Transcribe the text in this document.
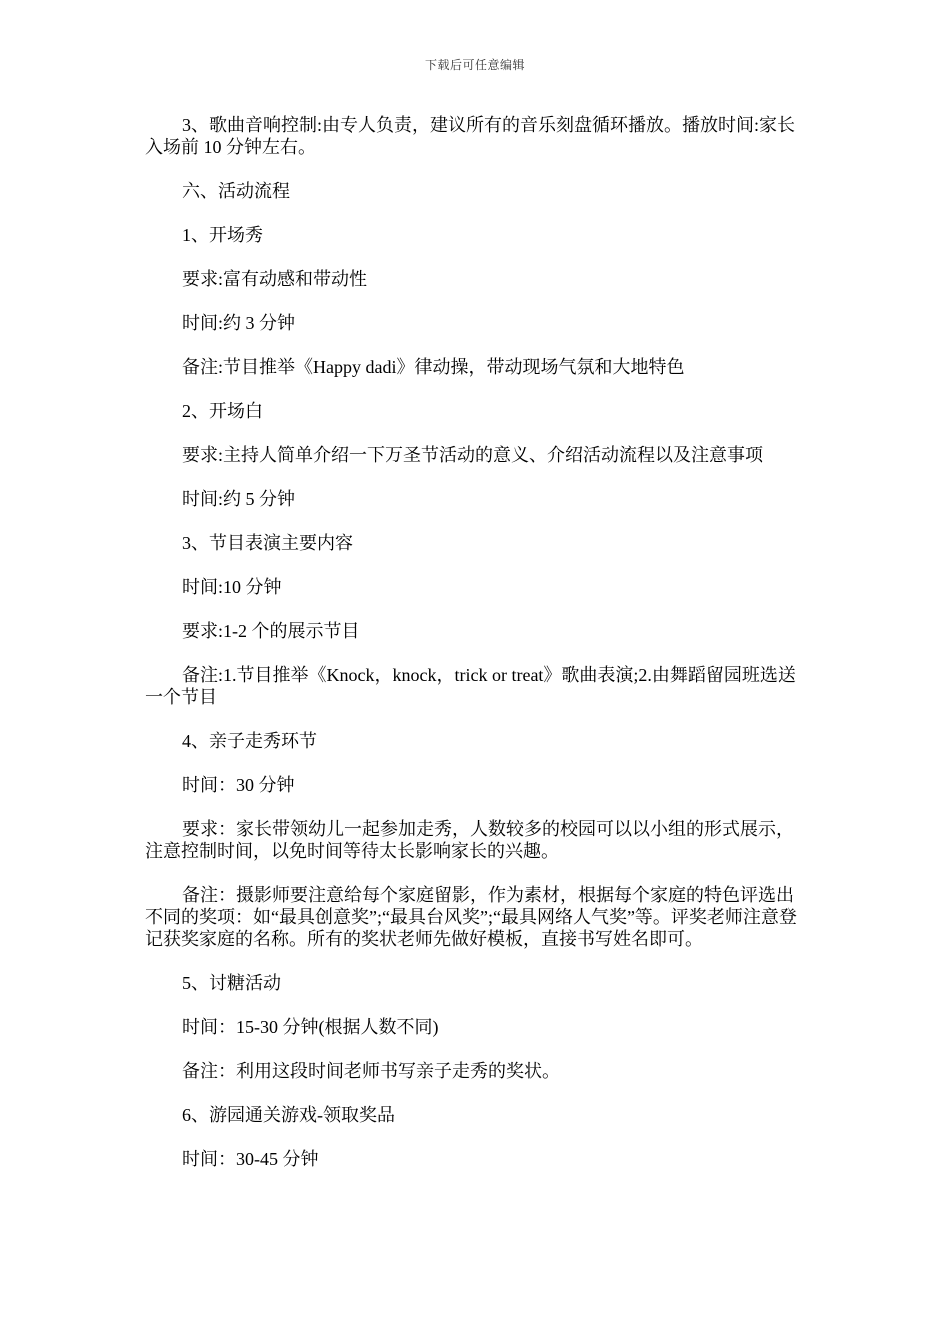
下载后可任意编辑

3、歌曲音响控制:由专人负责，建议所有的音乐刻盘循环播放。播放时间:家长入场前 10 分钟左右。

六、活动流程

1、开场秀

要求:富有动感和带动性

时间:约 3 分钟

备注:节目推举《Happy dadi》律动操，带动现场气氛和大地特色

2、开场白

要求:主持人简单介绍一下万圣节活动的意义、介绍活动流程以及注意事项

时间:约 5 分钟

3、节目表演主要内容

时间:10 分钟

要求:1-2 个的展示节目

备注:1.节目推举《Knock，knock，trick or treat》歌曲表演;2.由舞蹈留园班选送一个节目

4、亲子走秀环节

时间：30 分钟

要求：家长带领幼儿一起参加走秀，人数较多的校园可以以小组的形式展示，注意控制时间，以免时间等待太长影响家长的兴趣。

备注：摄影师要注意给每个家庭留影，作为素材，根据每个家庭的特色评选出不同的奖项：如“最具创意奖”;“最具台风奖”;“最具网络人气奖”等。评奖老师注意登记获奖家庭的名称。所有的奖状老师先做好模板，直接书写姓名即可。

5、讨糖活动

时间：15-30 分钟(根据人数不同)

备注：利用这段时间老师书写亲子走秀的奖状。

6、游园通关游戏-领取奖品

时间：30-45 分钟
